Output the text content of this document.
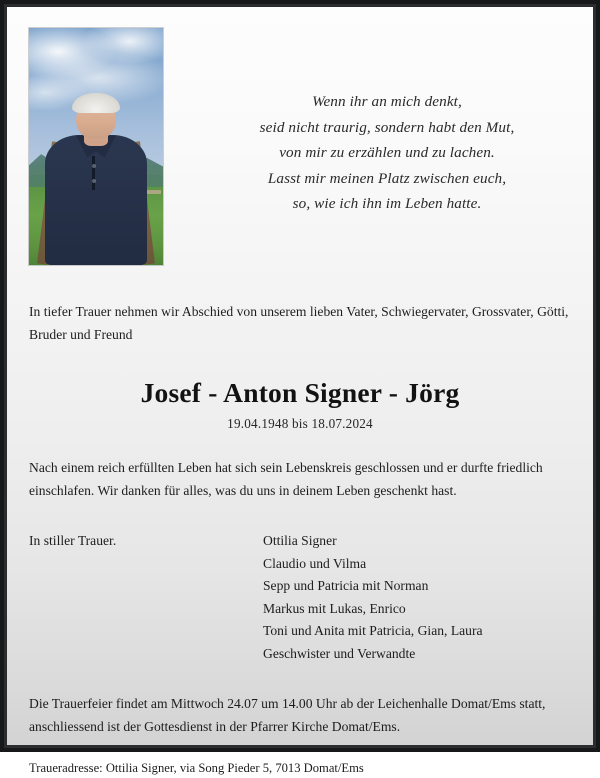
Wenn ihr an mich denkt,
seid nicht traurig, sondern habt den Mut,
von mir zu erzählen und zu lachen.
Lasst mir meinen Platz zwischen euch,
so, wie ich ihn im Leben hatte.

In tiefer Trauer nehmen wir Abschied von unserem lieben Vater, Schwiegervater, Grossvater, Götti, Bruder und Freund

Josef - Anton Signer - Jörg
19.04.1948 bis 18.07.2024

Nach einem reich erfüllten Leben hat sich sein Lebenskreis geschlossen und er durfte friedlich einschlafen. Wir danken für alles, was du uns in deinem Leben geschenkt hast.

In stiller Trauer.	Ottilia Signer
Claudio und Vilma
Sepp und Patricia mit Norman
Markus mit Lukas, Enrico
Toni und Anita mit Patricia, Gian, Laura
Geschwister und Verwandte

Die Trauerfeier findet am Mittwoch 24.07 um 14.00 Uhr ab der Leichenhalle Domat/Ems statt, anschliessend ist der Gottesdienst in der Pfarrer Kirche Domat/Ems.

Traueradresse: Ottilia Signer, via Song Pieder 5, 7013 Domat/Ems
